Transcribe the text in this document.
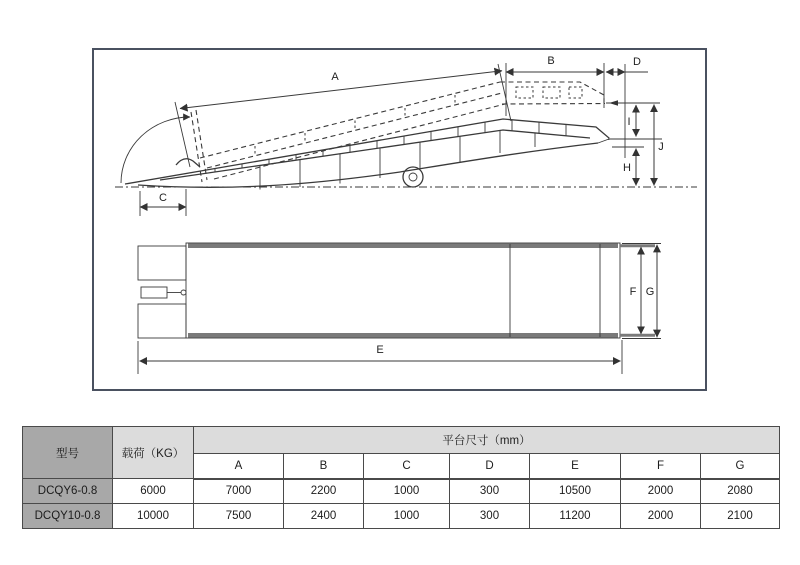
A
B	D
C
I
H
J
E
F G
型号	载荷（KG）	平台尺寸（mm）						
		A	B	C	D	E	F	G
DCQY6-0.8	6000	7000	2200	1000	300	10500	2000	2080
DCQY10-0.8	10000	7500	2400	1000	300	11200	2000	2100
